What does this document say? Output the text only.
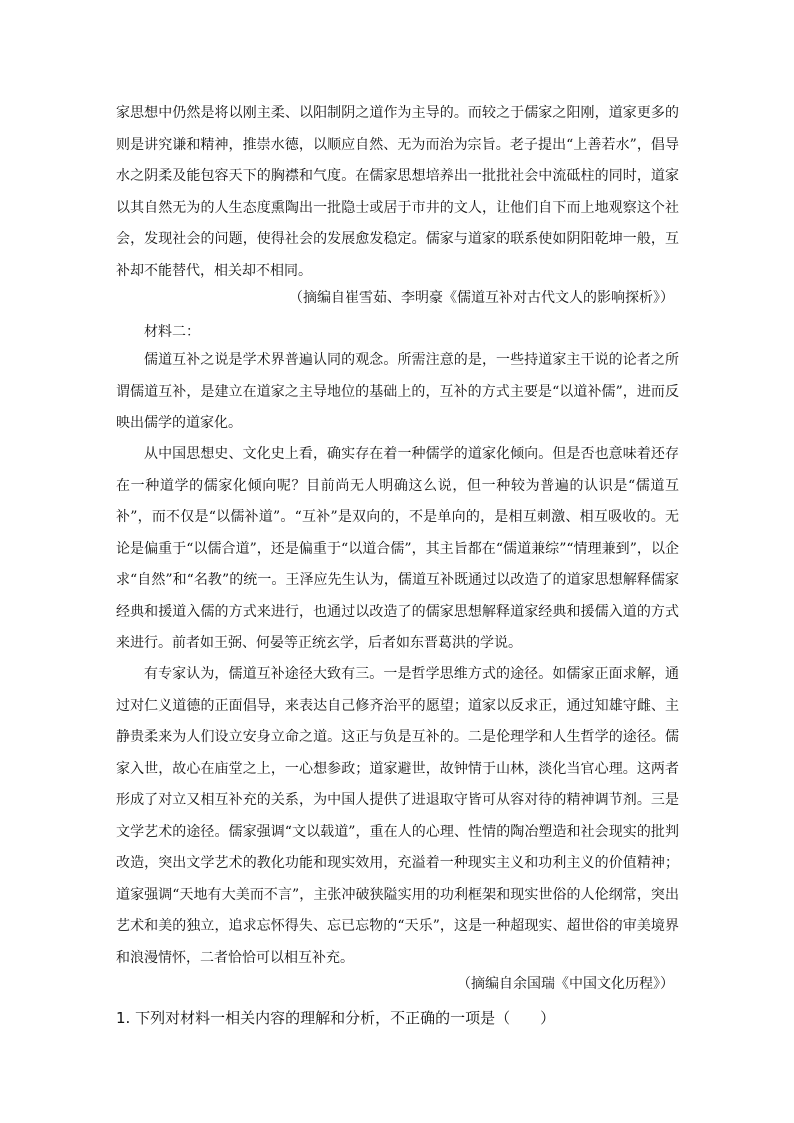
家思想中仍然是将以刚主柔、以阳制阴之道作为主导的。而较之于儒家之阳刚，道家更多的则是讲究谦和精神，推崇水德，以顺应自然、无为而治为宗旨。老子提出“上善若水”，倡导水之阴柔及能包容天下的胸襟和气度。在儒家思想培养出一批批社会中流砥柱的同时，道家以其自然无为的人生态度熏陶出一批隐士或居于市井的文人，让他们自下而上地观察这个社会，发现社会的问题，使得社会的发展愈发稳定。儒家与道家的联系使如阴阳乾坤一般，互补却不能替代，相关却不相同。

（摘编自崔雪茹、李明豪《儒道互补对古代文人的影响探析》）
材料二：

儒道互补之说是学术界普遍认同的观念。所需注意的是，一些持道家主干说的论者之所谓儒道互补，是建立在道家之主导地位的基础上的，互补的方式主要是“以道补儒”，进而反映出儒学的道家化。

从中国思想史、文化史上看，确实存在着一种儒学的道家化倾向。但是否也意味着还存在一种道学的儒家化倾向呢？目前尚无人明确这么说，但一种较为普遍的认识是“儒道互补”，而不仅是“以儒补道”。“互补”是双向的，不是单向的，是相互刺激、相互吸收的。无论是偏重于“以儒合道”，还是偏重于“以道合儒”，其主旨都在“儒道兼综”“情理兼到”，以企求“自然”和“名教”的统一。王泽应先生认为，儒道互补既通过以改造了的道家思想解释儒家经典和援道入儒的方式来进行，也通过以改造了的儒家思想解释道家经典和援儒入道的方式来进行。前者如王弼、何晏等正统玄学，后者如东晋葛洪的学说。

有专家认为，儒道互补途径大致有三。一是哲学思维方式的途径。如儒家正面求解，通过对仁义道德的正面倡导，来表达自己修齐治平的愿望；道家以反求正，通过知雄守雌、主静贵柔来为人们设立安身立命之道。这正与负是互补的。二是伦理学和人生哲学的途径。儒家入世，故心在庙堂之上，一心想参政；道家避世，故钟情于山林，淡化当官心理。这两者形成了对立又相互补充的关系，为中国人提供了进退取守皆可从容对待的精神调节剂。三是文学艺术的途径。儒家强调“文以载道”，重在人的心理、性情的陶冶塑造和社会现实的批判改造，突出文学艺术的教化功能和现实效用，充溢着一种现实主义和功利主义的价值精神；道家强调“天地有大美而不言”，主张冲破狭隘实用的功利框架和现实世俗的人伦纲常，突出艺术和美的独立，追求忘怀得失、忘已忘物的“天乐”，这是一种超现实、超世俗的审美境界和浪漫情怀，二者恰恰可以相互补充。

（摘编自余国瑞《中国文化历程》）
1. 下列对材料一相关内容的理解和分析，不正确的一项是（　　）
